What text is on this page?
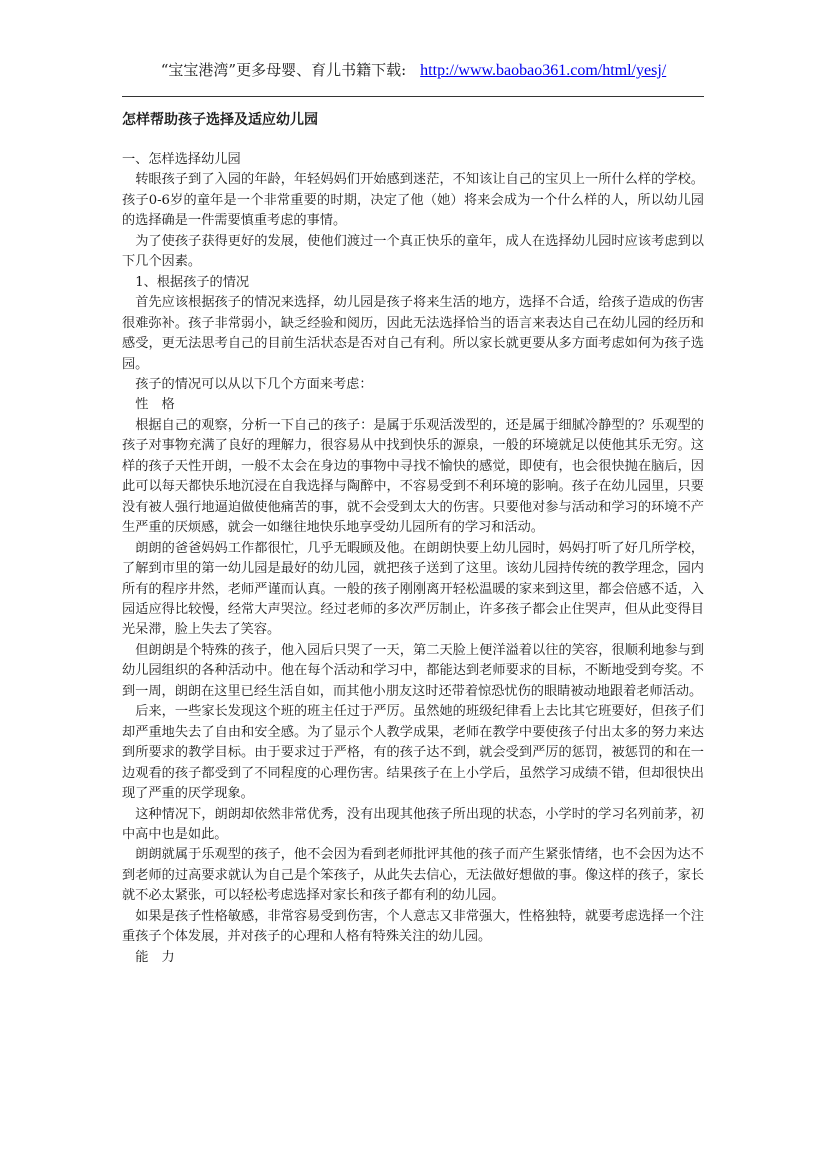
“宝宝港湾”更多母婴、育儿书籍下载: http://www.baobao361.com/html/yesj/
怎样帮助孩子选择及适应幼儿园

一、怎样选择幼儿园

转眼孩子到了入园的年龄，年轻妈妈们开始感到迷茫，不知该让自己的宝贝上一所什么样的学校。孩子0-6岁的童年是一个非常重要的时期，决定了他（她）将来会成为一个什么样的人，所以幼儿园的选择确是一件需要慎重考虑的事情。

为了使孩子获得更好的发展，使他们渡过一个真正快乐的童年，成人在选择幼儿园时应该考虑到以下几个因素。

1、根据孩子的情况

首先应该根据孩子的情况来选择，幼儿园是孩子将来生活的地方，选择不合适，给孩子造成的伤害很难弥补。孩子非常弱小，缺乏经验和阅历，因此无法选择恰当的语言来表达自己在幼儿园的经历和感受，更无法思考自己的目前生活状态是否对自己有利。所以家长就更要从多方面考虑如何为孩子选园。

孩子的情况可以从以下几个方面来考虑：

性　格

根据自己的观察，分析一下自己的孩子：是属于乐观活泼型的，还是属于细腻冷静型的？乐观型的孩子对事物充满了良好的理解力，很容易从中找到快乐的源泉，一般的环境就足以使他其乐无穷。这样的孩子天性开朗，一般不太会在身边的事物中寻找不愉快的感觉，即使有，也会很快抛在脑后，因此可以每天都快乐地沉浸在自我选择与陶醉中，不容易受到不利环境的影响。孩子在幼儿园里，只要没有被人强行地逼迫做使他痛苦的事，就不会受到太大的伤害。只要他对参与活动和学习的环境不产生严重的厌烦感，就会一如继往地快乐地享受幼儿园所有的学习和活动。

朗朗的爸爸妈妈工作都很忙，几乎无暇顾及他。在朗朗快要上幼儿园时，妈妈打听了好几所学校，了解到市里的第一幼儿园是最好的幼儿园，就把孩子送到了这里。该幼儿园持传统的教学理念，园内所有的程序井然，老师严谨而认真。一般的孩子刚刚离开轻松温暖的家来到这里，都会倍感不适，入园适应得比较慢，经常大声哭泣。经过老师的多次严厉制止，许多孩子都会止住哭声，但从此变得目光呆滞，脸上失去了笑容。

但朗朗是个特殊的孩子，他入园后只哭了一天，第二天脸上便洋溢着以往的笑容，很顺利地参与到幼儿园组织的各种活动中。他在每个活动和学习中，都能达到老师要求的目标，不断地受到夸奖。不到一周，朗朗在这里已经生活自如，而其他小朋友这时还带着惊恐忧伤的眼睛被动地跟着老师活动。

后来，一些家长发现这个班的班主任过于严厉。虽然她的班级纪律看上去比其它班要好，但孩子们却严重地失去了自由和安全感。为了显示个人教学成果，老师在教学中要使孩子付出太多的努力来达到所要求的教学目标。由于要求过于严格，有的孩子达不到，就会受到严厉的惩罚，被惩罚的和在一边观看的孩子都受到了不同程度的心理伤害。结果孩子在上小学后，虽然学习成绩不错，但却很快出现了严重的厌学现象。

这种情况下，朗朗却依然非常优秀，没有出现其他孩子所出现的状态，小学时的学习名列前茅，初中高中也是如此。

朗朗就属于乐观型的孩子，他不会因为看到老师批评其他的孩子而产生紧张情绪，也不会因为达不到老师的过高要求就认为自己是个笨孩子，从此失去信心，无法做好想做的事。像这样的孩子，家长就不必太紧张，可以轻松考虑选择对家长和孩子都有利的幼儿园。

如果是孩子性格敏感，非常容易受到伤害，个人意志又非常强大，性格独特，就要考虑选择一个注重孩子个体发展，并对孩子的心理和人格有特殊关注的幼儿园。

能　力
